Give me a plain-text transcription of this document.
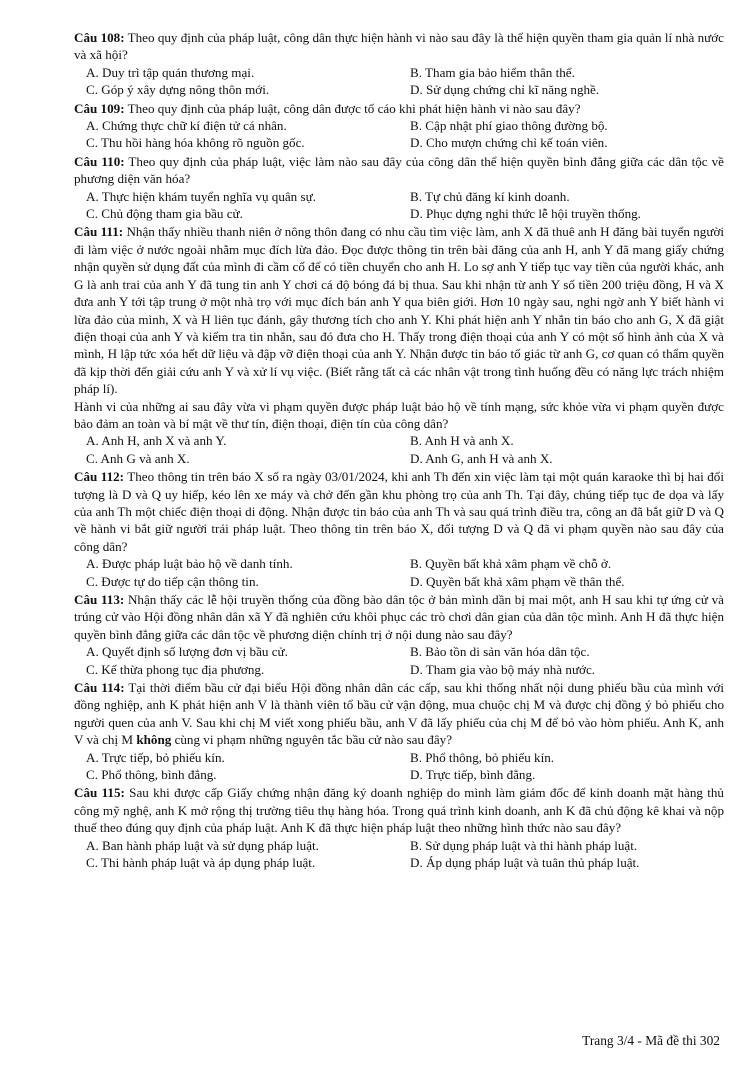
Câu 108: Theo quy định của pháp luật, công dân thực hiện hành vi nào sau đây là thể hiện quyền tham gia quản lí nhà nước và xã hội?
A. Duy trì tập quán thương mại.	B. Tham gia bảo hiểm thân thể.
C. Góp ý xây dựng nông thôn mới.	D. Sử dụng chứng chỉ kĩ năng nghề.
Câu 109: Theo quy định của pháp luật, công dân được tố cáo khi phát hiện hành vi nào sau đây?
A. Chứng thực chữ kí điện tử cá nhân.	B. Cập nhật phí giao thông đường bộ.
C. Thu hồi hàng hóa không rõ nguồn gốc.	D. Cho mượn chứng chỉ kế toán viên.
Câu 110: Theo quy định của pháp luật, việc làm nào sau đây của công dân thể hiện quyền bình đẳng giữa các dân tộc về phương diện văn hóa?
A. Thực hiện khám tuyển nghĩa vụ quân sự.	B. Tự chủ đăng kí kinh doanh.
C. Chủ động tham gia bầu cử.	D. Phục dựng nghi thức lễ hội truyền thống.
Câu 111: Nhận thấy nhiều thanh niên ở nông thôn đang có nhu cầu tìm việc làm, anh X đã thuê anh H đăng bài tuyển người đi làm việc ở nước ngoài nhằm mục đích lừa đảo. Đọc được thông tin trên bài đăng của anh H, anh Y đã mang giấy chứng nhận quyền sử dụng đất của mình đi cầm cố để có tiền chuyển cho anh H. Lo sợ anh Y tiếp tục vay tiền của người khác, anh G là anh trai của anh Y đã tung tin anh Y chơi cá độ bóng đá bị thua. Sau khi nhận từ anh Y số tiền 200 triệu đồng, H và X đưa anh Y tới tập trung ở một nhà trọ với mục đích bán anh Y qua biên giới. Hơn 10 ngày sau, nghi ngờ anh Y biết hành vi lừa đảo của mình, X và H liên tục đánh, gây thương tích cho anh Y. Khi phát hiện anh Y nhắn tin báo cho anh G, X đã giật điện thoại của anh Y và kiểm tra tin nhắn, sau đó đưa cho H. Thấy trong điện thoại của anh Y có một số hình ảnh của X và mình, H lập tức xóa hết dữ liệu và đập vỡ điện thoại của anh Y. Nhận được tin báo tố giác từ anh G, cơ quan có thẩm quyền đã kịp thời đến giải cứu anh Y và xử lí vụ việc. (Biết rằng tất cả các nhân vật trong tình huống đều có năng lực trách nhiệm pháp lí).
Hành vi của những ai sau đây vừa vi phạm quyền được pháp luật bảo hộ về tính mạng, sức khỏe vừa vi phạm quyền được bảo đảm an toàn và bí mật về thư tín, điện thoại, điện tín của công dân?
A. Anh H, anh X và anh Y.	B. Anh H và anh X.
C. Anh G và anh X.	D. Anh G, anh H và anh X.
Câu 112: Theo thông tin trên báo X số ra ngày 03/01/2024, khi anh Th đến xin việc làm tại một quán karaoke thì bị hai đối tượng là D và Q uy hiếp, kéo lên xe máy và chở đến gần khu phòng trọ của anh Th. Tại đây, chúng tiếp tục đe dọa và lấy của anh Th một chiếc điện thoại di động. Nhận được tin báo của anh Th và sau quá trình điều tra, công an đã bắt giữ D và Q về hành vi bắt giữ người trái pháp luật. Theo thông tin trên báo X, đối tượng D và Q đã vi phạm quyền nào sau đây của công dân?
A. Được pháp luật bảo hộ về danh tính.	B. Quyền bất khả xâm phạm về chỗ ở.
C. Được tự do tiếp cận thông tin.	D. Quyền bất khả xâm phạm về thân thể.
Câu 113: Nhận thấy các lễ hội truyền thống của đồng bào dân tộc ở bản mình dần bị mai một, anh H sau khi tự ứng cử và trúng cử vào Hội đồng nhân dân xã Y đã nghiên cứu khôi phục các trò chơi dân gian của dân tộc mình. Anh H đã thực hiện quyền bình đẳng giữa các dân tộc về phương diện chính trị ở nội dung nào sau đây?
A. Quyết định số lượng đơn vị bầu cử.	B. Bảo tồn di sản văn hóa dân tộc.
C. Kế thừa phong tục địa phương.	D. Tham gia vào bộ máy nhà nước.
Câu 114: Tại thời điểm bầu cử đại biểu Hội đồng nhân dân các cấp, sau khi thống nhất nội dung phiếu bầu của mình với đồng nghiệp, anh K phát hiện anh V là thành viên tổ bầu cử vận động, mua chuộc chị M và được chị đồng ý bỏ phiếu cho người quen của anh V. Sau khi chị M viết xong phiếu bầu, anh V đã lấy phiếu của chị M để bỏ vào hòm phiếu. Anh K, anh V và chị M không cùng vi phạm những nguyên tắc bầu cử nào sau đây?
A. Trực tiếp, bỏ phiếu kín.	B. Phổ thông, bỏ phiếu kín.
C. Phổ thông, bình đẳng.	D. Trực tiếp, bình đẳng.
Câu 115: Sau khi được cấp Giấy chứng nhận đăng ký doanh nghiệp do mình làm giám đốc để kinh doanh mặt hàng thủ công mỹ nghệ, anh K mở rộng thị trường tiêu thụ hàng hóa. Trong quá trình kinh doanh, anh K đã chủ động kê khai và nộp thuế theo đúng quy định của pháp luật. Anh K đã thực hiện pháp luật theo những hình thức nào sau đây?
A. Ban hành pháp luật và sử dụng pháp luật.	B. Sử dụng pháp luật và thi hành pháp luật.
C. Thi hành pháp luật và áp dụng pháp luật.	D. Áp dụng pháp luật và tuân thủ pháp luật.
Trang 3/4 - Mã đề thi 302
